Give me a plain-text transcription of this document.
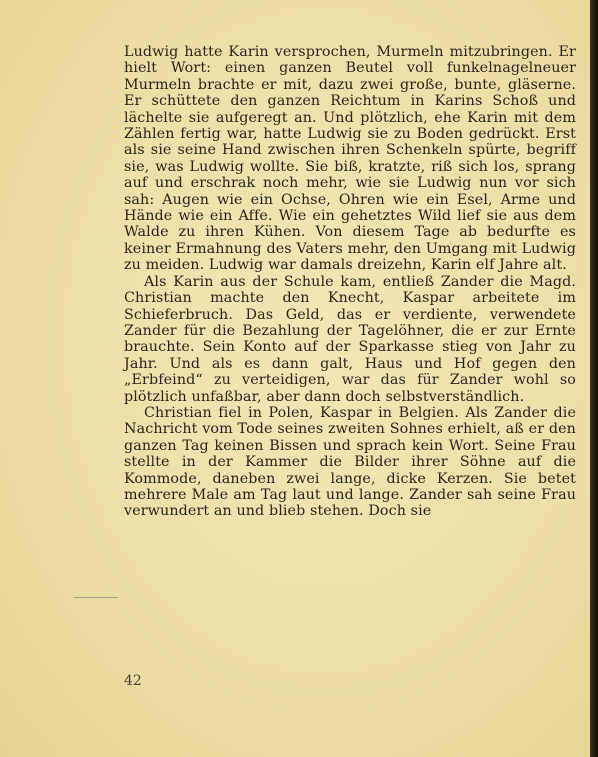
Ludwig hatte Karin versprochen, Murmeln mitzubringen. Er hielt Wort: einen ganzen Beutel voll funkelnagelneuer Murmeln brachte er mit, dazu zwei große, bunte, gläserne. Er schüttete den ganzen Reichtum in Karins Schoß und lächelte sie aufgeregt an. Und plötzlich, ehe Karin mit dem Zählen fertig war, hatte Ludwig sie zu Boden gedrückt. Erst als sie seine Hand zwischen ihren Schenkeln spürte, begriff sie, was Ludwig wollte. Sie biß, kratzte, riß sich los, sprang auf und erschrak noch mehr, wie sie Ludwig nun vor sich sah: Augen wie ein Ochse, Ohren wie ein Esel, Arme und Hände wie ein Affe. Wie ein gehetztes Wild lief sie aus dem Walde zu ihren Kühen. Von diesem Tage ab bedurfte es keiner Ermahnung des Vaters mehr, den Umgang mit Ludwig zu meiden. Ludwig war damals dreizehn, Karin elf Jahre alt.

Als Karin aus der Schule kam, entließ Zander die Magd. Christian machte den Knecht, Kaspar arbeitete im Schieferbruch. Das Geld, das er verdiente, verwendete Zander für die Bezahlung der Tagelöhner, die er zur Ernte brauchte. Sein Konto auf der Sparkasse stieg von Jahr zu Jahr. Und als es dann galt, Haus und Hof gegen den „Erbfeind“ zu verteidigen, war das für Zander wohl so plötzlich unfaßbar, aber dann doch selbstverständlich.

Christian fiel in Polen, Kaspar in Belgien. Als Zander die Nachricht vom Tode seines zweiten Sohnes erhielt, aß er den ganzen Tag keinen Bissen und sprach kein Wort. Seine Frau stellte in der Kammer die Bilder ihrer Söhne auf die Kommode, daneben zwei lange, dicke Kerzen. Sie betet mehrere Male am Tag laut und lange. Zander sah seine Frau verwundert an und blieb stehen. Doch sie

42
